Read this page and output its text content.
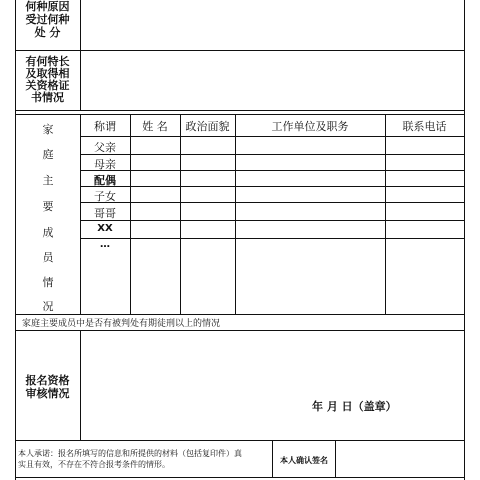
何种原因
受过何种
处 分
有何特长
及取得相
关资格证
书情况
家
庭
主
要
成
员
情
况
称谓	姓 名	政治面貌	工作单位及职务	联系电话
父亲
母亲
配偶
子女
哥哥
XX
…
家庭主要成员中是否有被判处有期徒刑以上的情况
报名资格
审核情况
年 月 日（盖章）
本人承诺：报名所填写的信息和所提供的材料（包括复印件）真
实且有效，不存在不符合报考条件的情形。	本人确认签名
